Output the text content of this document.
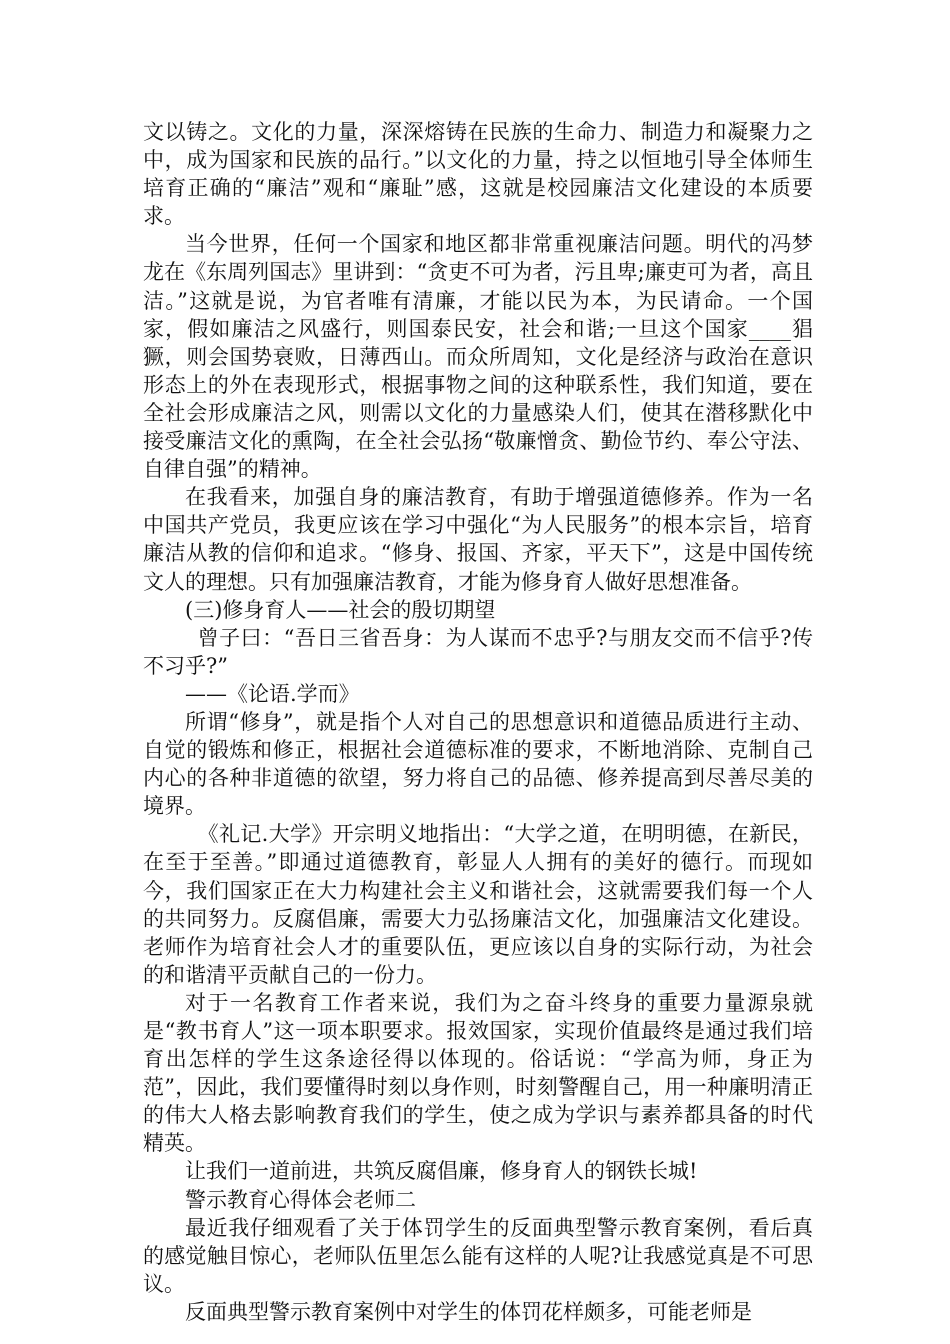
文以铸之。文化的力量，深深熔铸在民族的生命力、制造力和凝聚力之中，成为国家和民族的品行。”以文化的力量，持之以恒地引导全体师生培育正确的“廉洁”观和“廉耻”感，这就是校园廉洁文化建设的本质要求。

当今世界，任何一个国家和地区都非常重视廉洁问题。明代的冯梦龙在《东周列国志》里讲到：“贪吏不可为者，污且卑;廉吏可为者，高且洁。”这就是说，为官者唯有清廉，才能以民为本，为民请命。一个国家，假如廉洁之风盛行，则国泰民安，社会和谐;一旦这个国家____猖獗，则会国势衰败，日薄西山。而众所周知，文化是经济与政治在意识形态上的外在表现形式，根据事物之间的这种联系性，我们知道，要在全社会形成廉洁之风，则需以文化的力量感染人们，使其在潜移默化中接受廉洁文化的熏陶，在全社会弘扬“敬廉憎贪、勤俭节约、奉公守法、自律自强”的精神。

在我看来，加强自身的廉洁教育，有助于增强道德修养。作为一名中国共产党员，我更应该在学习中强化“为人民服务”的根本宗旨，培育廉洁从教的信仰和追求。“修身、报国、齐家，平天下”，这是中国传统文人的理想。只有加强廉洁教育，才能为修身育人做好思想准备。

(三)修身育人——社会的殷切期望

曾子曰：“吾日三省吾身：为人谋而不忠乎?与朋友交而不信乎?传不习乎?”

——《论语.学而》

所谓“修身”，就是指个人对自己的思想意识和道德品质进行主动、自觉的锻炼和修正，根据社会道德标准的要求，不断地消除、克制自己内心的各种非道德的欲望，努力将自己的品德、修养提高到尽善尽美的境界。

《礼记.大学》开宗明义地指出：“大学之道，在明明德，在新民，在至于至善。”即通过道德教育，彰显人人拥有的美好的德行。而现如今，我们国家正在大力构建社会主义和谐社会，这就需要我们每一个人的共同努力。反腐倡廉，需要大力弘扬廉洁文化，加强廉洁文化建设。老师作为培育社会人才的重要队伍，更应该以自身的实际行动，为社会的和谐清平贡献自己的一份力。

对于一名教育工作者来说，我们为之奋斗终身的重要力量源泉就是“教书育人”这一项本职要求。报效国家，实现价值最终是通过我们培育出怎样的学生这条途径得以体现的。俗话说：“学高为师，身正为范”，因此，我们要懂得时刻以身作则，时刻警醒自己，用一种廉明清正的伟大人格去影响教育我们的学生，使之成为学识与素养都具备的时代精英。

让我们一道前进，共筑反腐倡廉，修身育人的钢铁长城!

警示教育心得体会老师二

最近我仔细观看了关于体罚学生的反面典型警示教育案例，看后真的感觉触目惊心，老师队伍里怎么能有这样的人呢?让我感觉真是不可思议。

反面典型警示教育案例中对学生的体罚花样颇多，可能老师是
